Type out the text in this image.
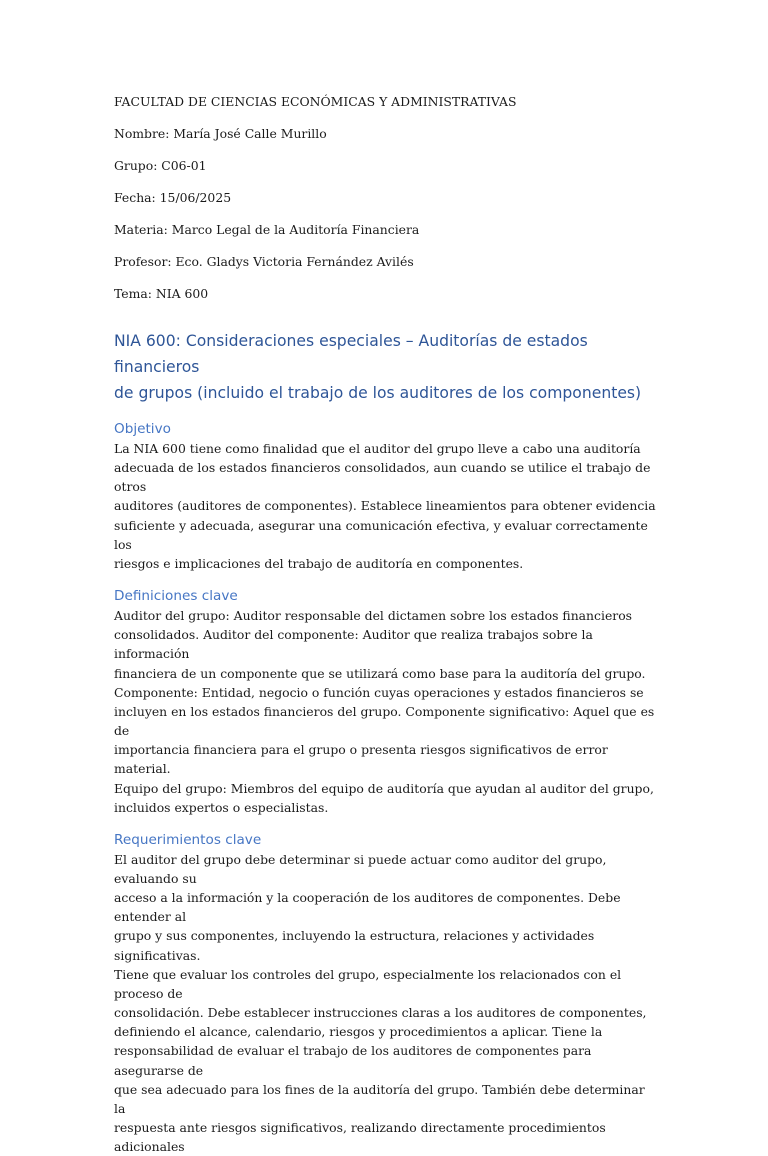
FACULTAD DE CIENCIAS ECONÓMICAS Y ADMINISTRATIVAS
Nombre: María José Calle Murillo
Grupo: C06-01
Fecha: 15/06/2025
Materia: Marco Legal de la Auditoría Financiera
Profesor: Eco. Gladys Victoria Fernández Avilés
Tema: NIA 600
NIA 600: Consideraciones especiales – Auditorías de estados financieros
de grupos (incluido el trabajo de los auditores de los componentes)
Objetivo

La NIA 600 tiene como finalidad que el auditor del grupo lleve a cabo una auditoría
adecuada de los estados financieros consolidados, aun cuando se utilice el trabajo de otros
auditores (auditores de componentes). Establece lineamientos para obtener evidencia
suficiente y adecuada, asegurar una comunicación efectiva, y evaluar correctamente los
riesgos e implicaciones del trabajo de auditoría en componentes.

Definiciones clave

Auditor del grupo: Auditor responsable del dictamen sobre los estados financieros
consolidados. Auditor del componente: Auditor que realiza trabajos sobre la información
financiera de un componente que se utilizará como base para la auditoría del grupo.
Componente: Entidad, negocio o función cuyas operaciones y estados financieros se
incluyen en los estados financieros del grupo. Componente significativo: Aquel que es de
importancia financiera para el grupo o presenta riesgos significativos de error material.
Equipo del grupo: Miembros del equipo de auditoría que ayudan al auditor del grupo,
incluidos expertos o especialistas.

Requerimientos clave

El auditor del grupo debe determinar si puede actuar como auditor del grupo, evaluando su
acceso a la información y la cooperación de los auditores de componentes. Debe entender al
grupo y sus componentes, incluyendo la estructura, relaciones y actividades significativas.
Tiene que evaluar los controles del grupo, especialmente los relacionados con el proceso de
consolidación. Debe establecer instrucciones claras a los auditores de componentes,
definiendo el alcance, calendario, riesgos y procedimientos a aplicar. Tiene la
responsabilidad de evaluar el trabajo de los auditores de componentes para asegurarse de
que sea adecuado para los fines de la auditoría del grupo. También debe determinar la
respuesta ante riesgos significativos, realizando directamente procedimientos adicionales
